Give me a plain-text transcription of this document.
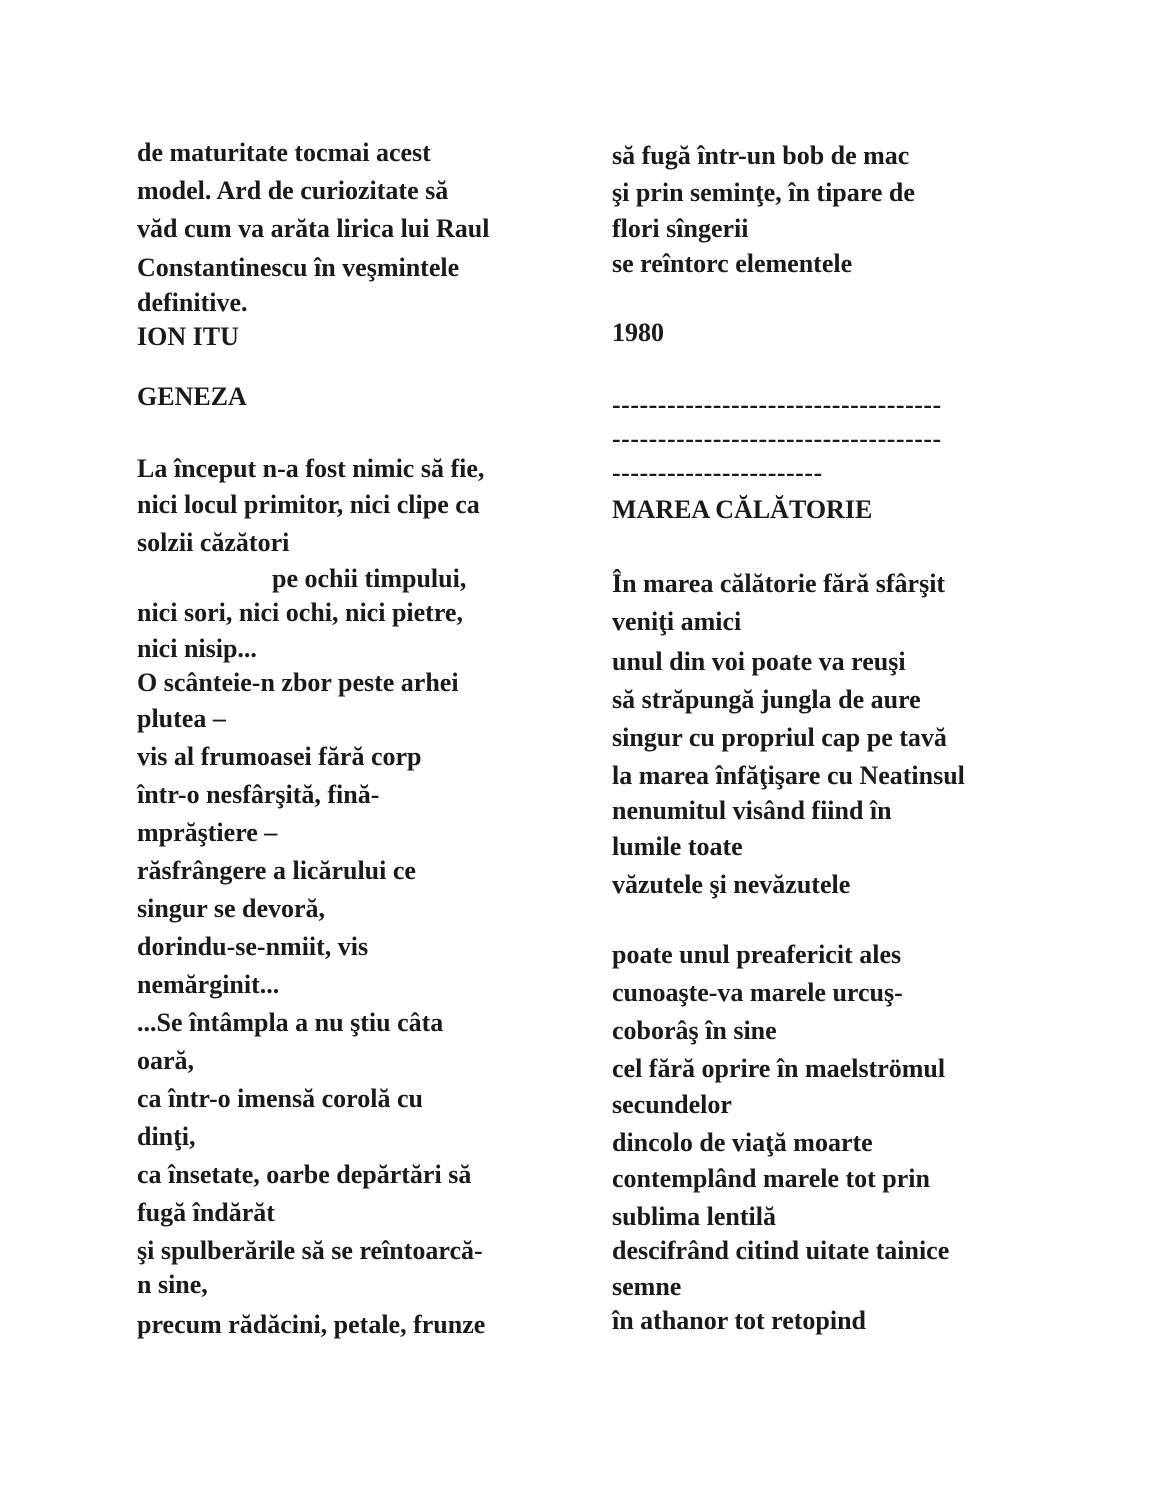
de maturitate tocmai acest
model. Ard de curiozitate să
văd cum va arăta lirica lui Raul
Constantinescu în veşmintele
definitive.
ION ITU
GENEZA
La început n-a fost nimic să fie,
nici locul primitor, nici clipe ca
solzii căzători
pe ochii timpului,
nici sori, nici ochi, nici pietre,
nici nisip...
O scânteie-n zbor peste arhei
plutea –
vis al frumoasei fără corp
într-o nesfârşită, fină-
mprăştiere –
răsfrângere a licărului ce
singur se devoră,
dorindu-se-nmiit, vis
nemărginit...
...Se întâmpla a nu ştiu câta
oară,
ca într-o imensă corolă cu
dinţi,
ca însetate, oarbe depărtări să
fugă îndărăt
şi spulberările să se reîntoarcă-
n sine,
precum rădăcini, petale, frunze
să fugă într-un bob de mac
şi prin seminţe, în tipare de
flori sîngerii
se reîntorc elementele
1980
------------------------------------
------------------------------------
-----------------------
MAREA CĂLĂTORIE
În marea călătorie fără sfârşit
veniţi amici
unul din voi poate va reuşi
să străpungă jungla de aure
singur cu propriul cap pe tavă
la marea înfăţişare cu Neatinsul
nenumitul visând fiind în
lumile toate
văzutele şi nevăzutele
poate unul preafericit ales
cunoaşte-va marele urcuş-
coborâş în sine
cel fără oprire în maelströmul
secundelor
dincolo de viaţă moarte
contemplând marele tot prin
sublima lentilă
descifrând citind uitate tainice
semne
în athanor tot retopind
